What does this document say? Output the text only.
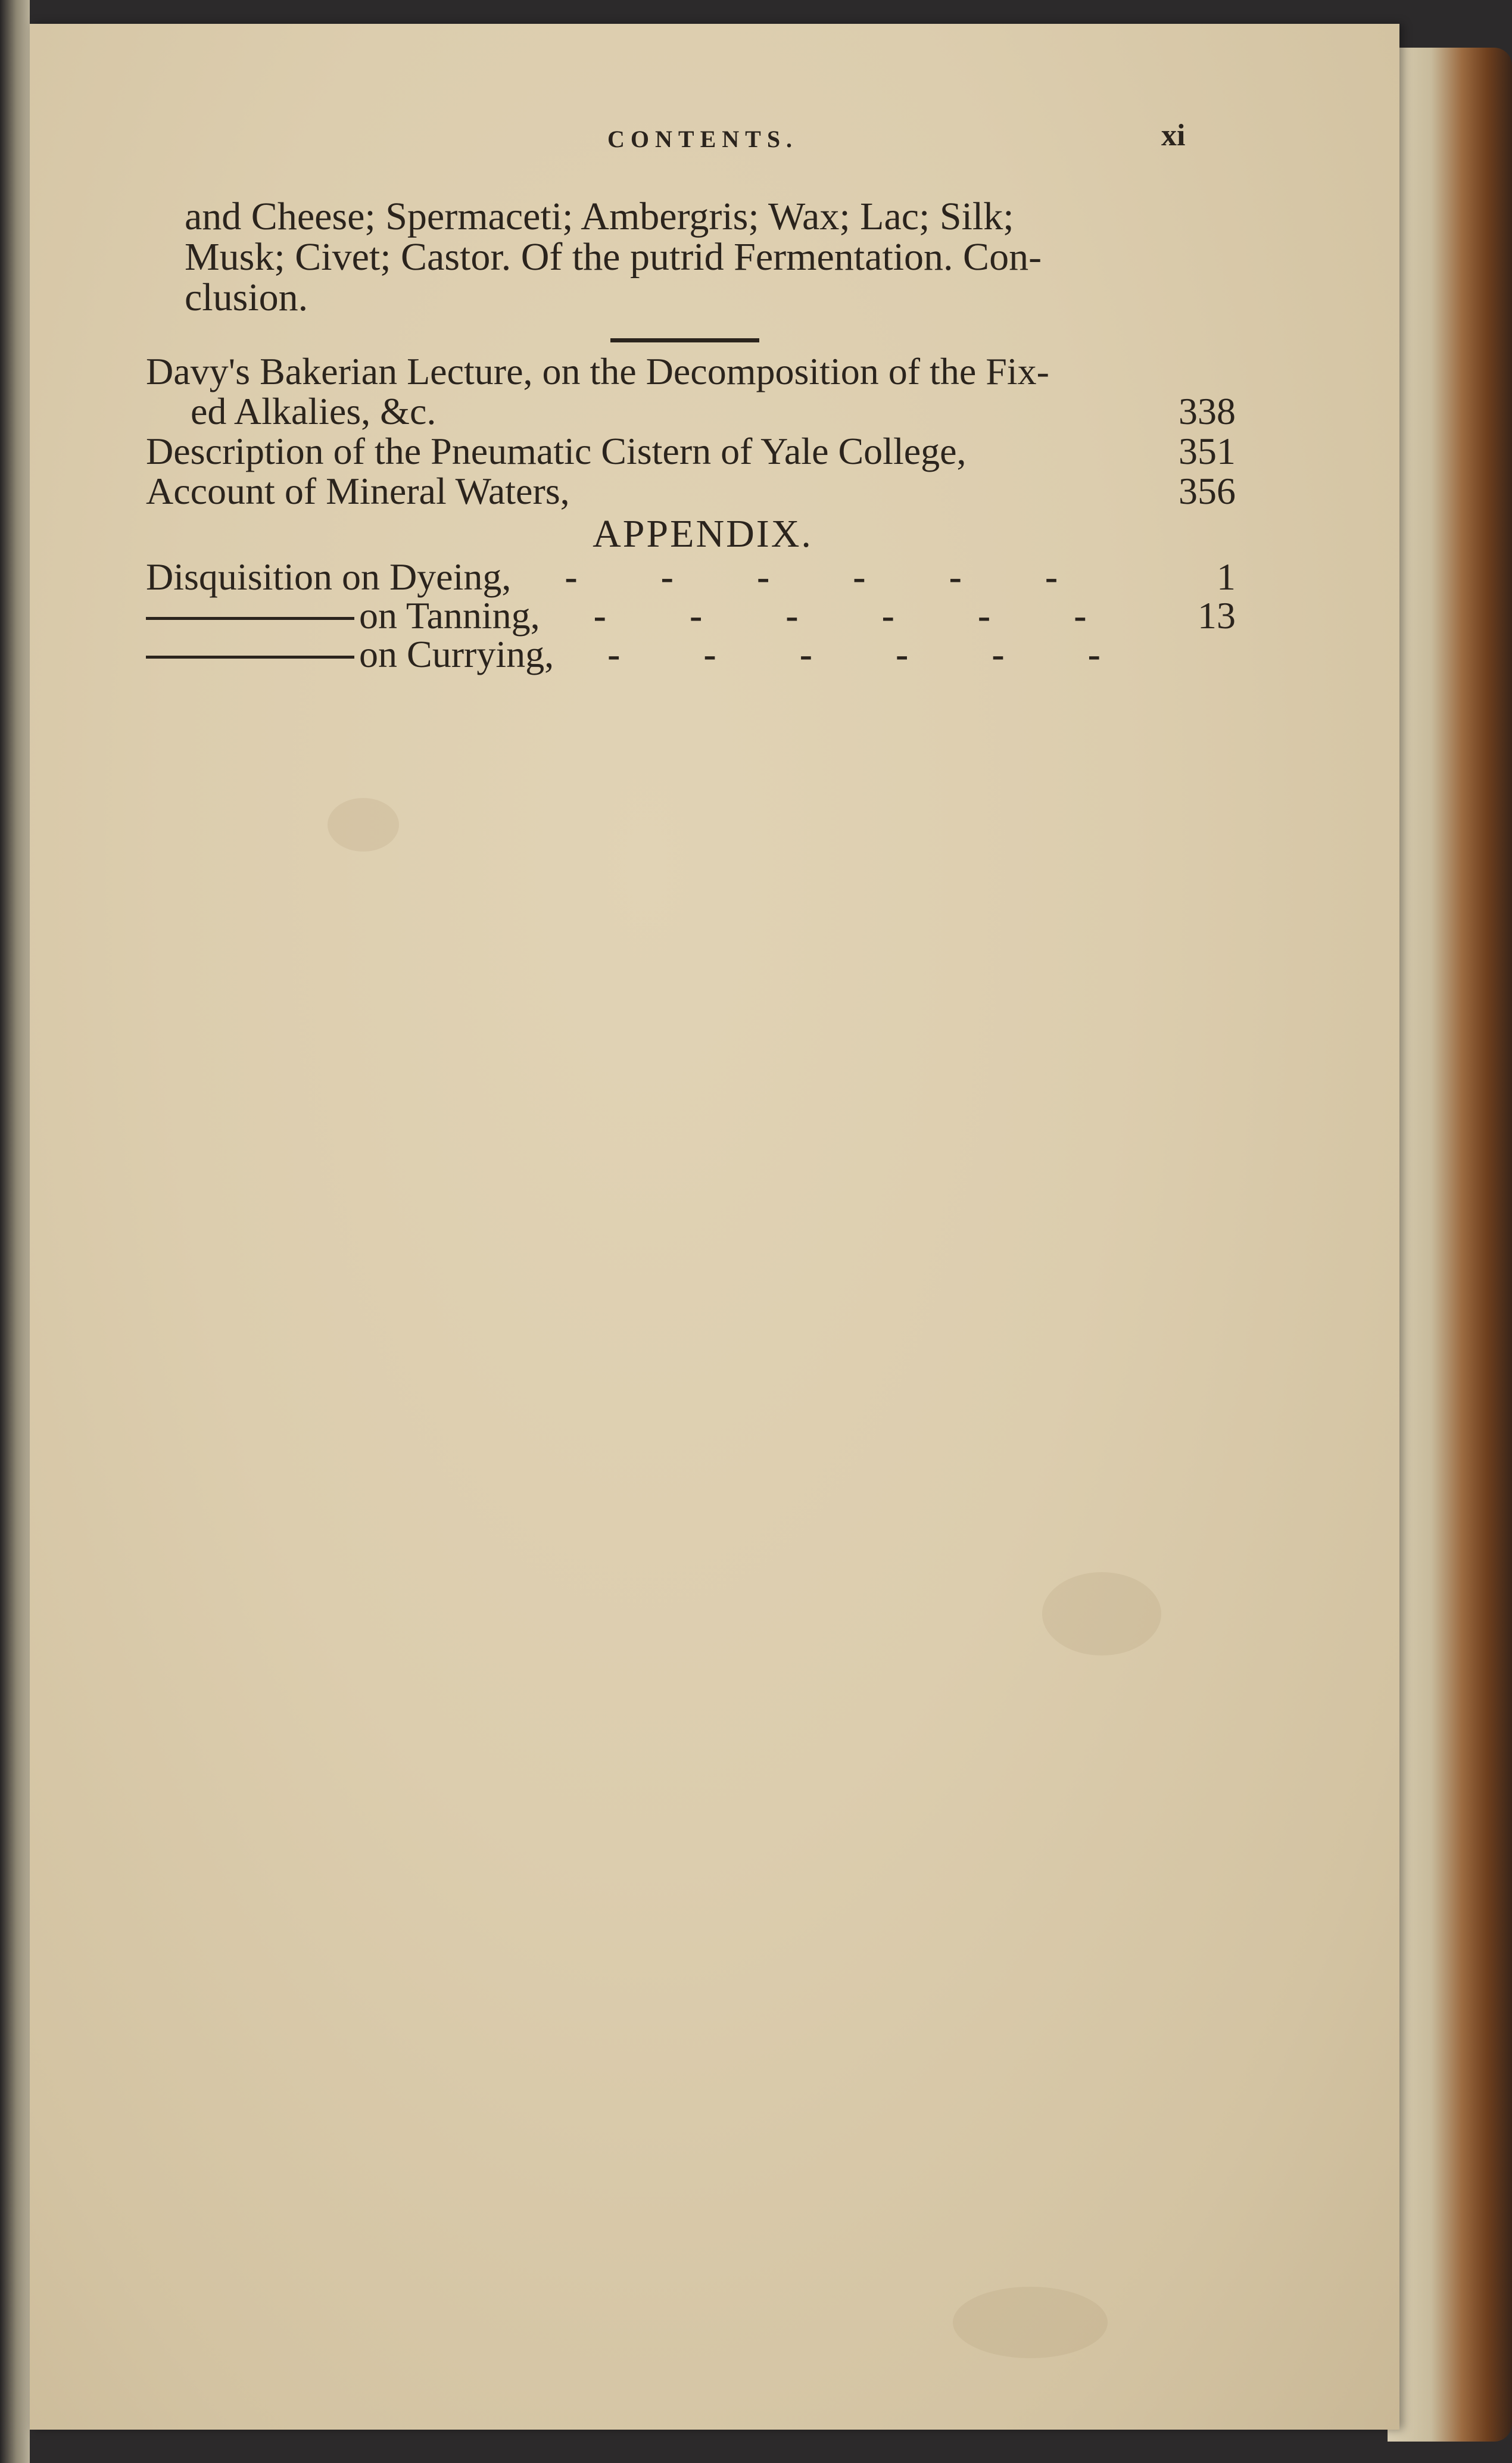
CONTENTS.	xi
and Cheese; Spermaceti; Ambergris; Wax; Lac; Silk;
Musk; Civet; Castor. Of the putrid Fermentation. Con-
clusion.
Davy's Bakerian Lecture, on the Decomposition of the Fix-
ed Alkalies, &c.	338
Description of the Pneumatic Cistern of Yale College,	351
Account of Mineral Waters,	356
APPENDIX.
Disquisition on Dyeing,	- - - - - -	1
on Tanning,	- - - - - -	13
on Currying,	- - - - - -
